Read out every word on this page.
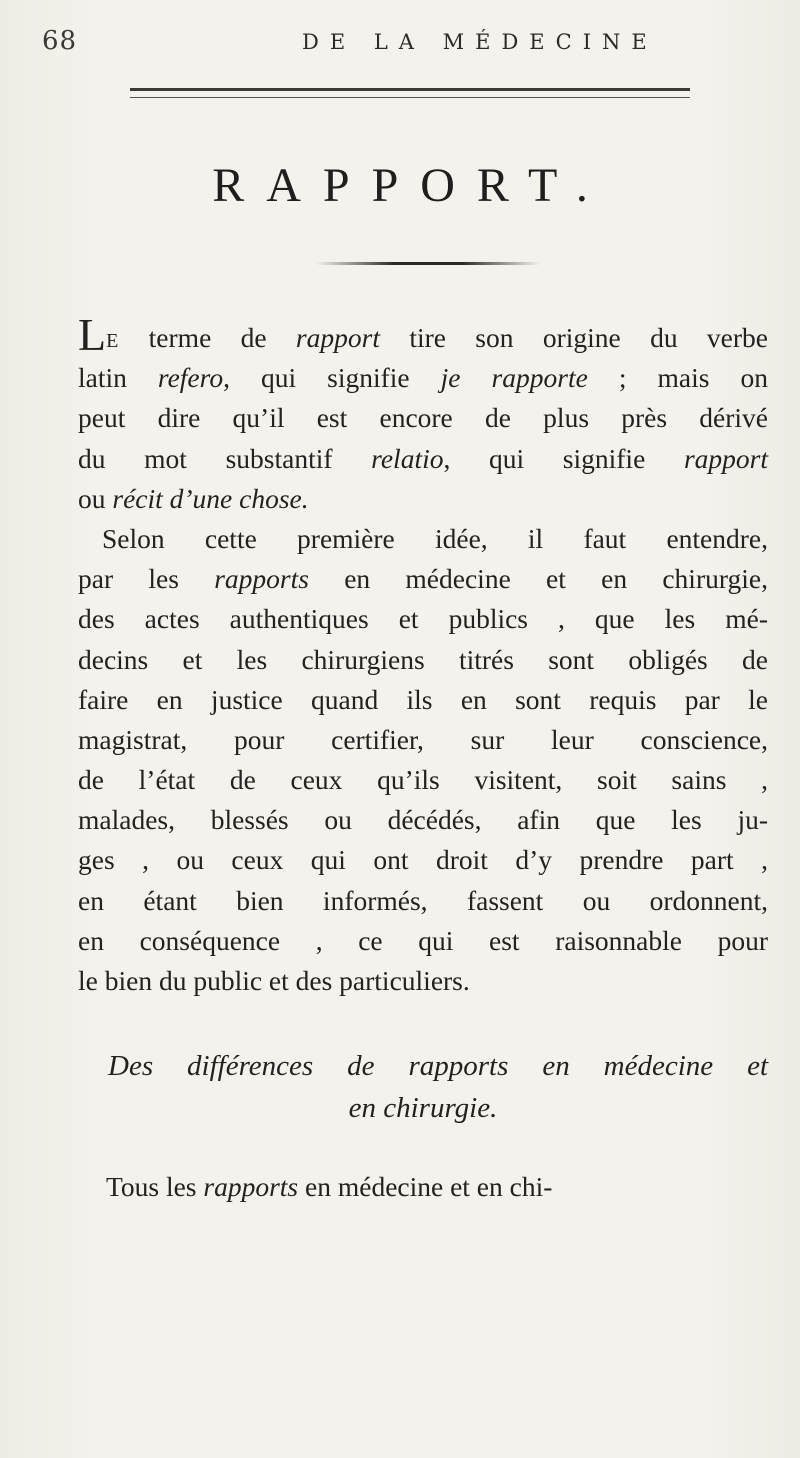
68	DE LA MÉDECINE
RAPPORT.
LE terme de rapport tire son origine du verbe
latin refero, qui signifie je rapporte ; mais on
peut dire qu’il est encore de plus près dérivé
du mot substantif relatio, qui signifie rapport
ou récit d’une chose.
Selon cette première idée, il faut entendre,
par les rapports en médecine et en chirurgie,
des actes authentiques et publics , que les mé-
decins et les chirurgiens titrés sont obligés de
faire en justice quand ils en sont requis par le
magistrat, pour certifier, sur leur conscience,
de l’état de ceux qu’ils visitent, soit sains ,
malades, blessés ou décédés, afin que les ju-
ges , ou ceux qui ont droit d’y prendre part ,
en étant bien informés, fassent ou ordonnent,
en conséquence , ce qui est raisonnable pour
le bien du public et des particuliers.
Des différences de rapports en médecine et
en chirurgie.
Tous les rapports en médecine et en chi-
